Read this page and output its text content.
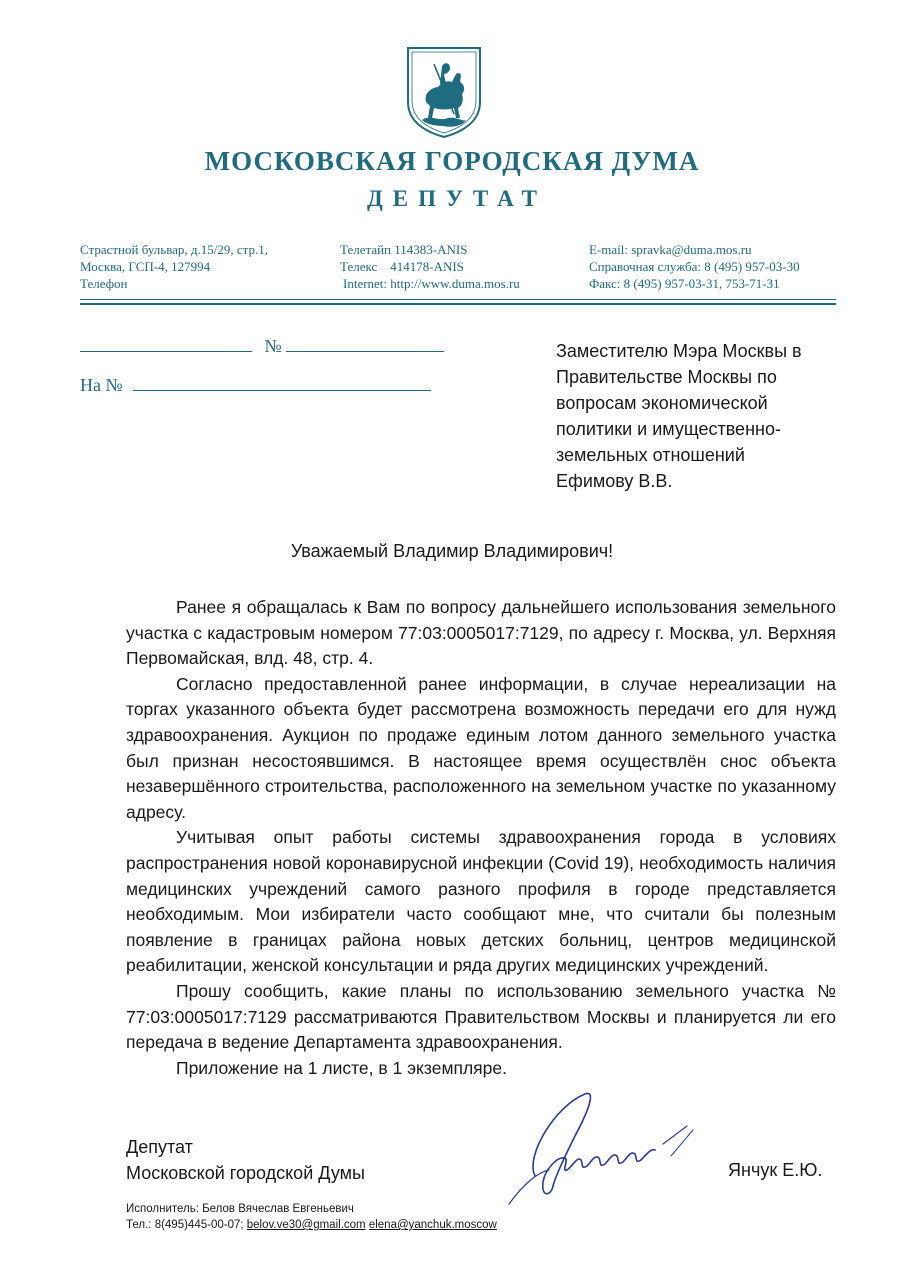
МОСКОВСКАЯ ГОРОДСКАЯ ДУМА
ДЕПУТАТ
Страстной бульвар, д.15/29, стр.1,
Москва, ГСП-4, 127994
Телефон
Телетайп 114383-ANIS
Телекс    414178-ANIS
Internet: http://www.duma.mos.ru
E-mail: spravka@duma.mos.ru
Справочная служба: 8 (495) 957-03-30
Факс: 8 (495) 957-03-31, 753-71-31
№
На №
Заместителю Мэра Москвы в
Правительстве Москвы по
вопросам экономической
политики и имущественно-
земельных отношений
Ефимову В.В.
Уважаемый Владимир Владимирович!

Ранее я обращалась к Вам по вопросу дальнейшего использования земельного участка с кадастровым номером 77:03:0005017:7129, по адресу г. Москва, ул. Верхняя Первомайская, влд. 48, стр. 4.

Согласно предоставленной ранее информации, в случае нереализации на торгах указанного объекта будет рассмотрена возможность передачи его для нужд здравоохранения. Аукцион по продаже единым лотом данного земельного участка был признан несостоявшимся. В настоящее время осуществлён снос объекта незавершённого строительства, расположенного на земельном участке по указанному адресу.

Учитывая опыт работы системы здравоохранения города в условиях распространения новой коронавирусной инфекции (Covid 19), необходимость наличия медицинских учреждений самого разного профиля в городе представляется необходимым. Мои избиратели часто сообщают мне, что считали бы полезным появление в границах района новых детских больниц, центров медицинской реабилитации, женской консультации и ряда других медицинских учреждений.

Прошу сообщить, какие планы по использованию земельного участка № 77:03:0005017:7129 рассматриваются Правительством Москвы и планируется ли его передача в ведение Департамента здравоохранения.

Приложение на 1 листе, в 1 экземпляре.

Депутат
Московской городской Думы	Янчук Е.Ю.
Исполнитель: Белов Вячеслав Евгеньевич
Тел.: 8(495)445-00-07; belov.ve30@gmail.com elena@yanchuk.moscow
